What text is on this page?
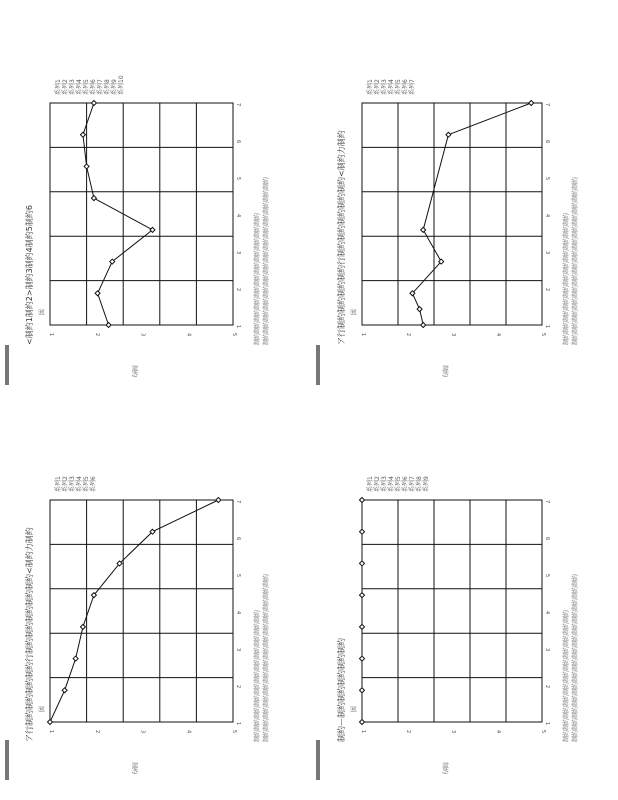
1	2	3	4	5
1
2
3
4
5
6
7
制約
<制約1制約2>制約3制約4制約5制約6 図	制約制約制約制約制約制約制約制約制約制約制約 制約制約制約制約制約制約制約制約制約制約制約制約制約制約
系列1 系列2 系列3 系列4 系列5 系列6 系列7 系列8 系列9 系列10
1	2	3	4	5
1
2
3
4
5
6
7
制約
ア行制約制約制約制約行制約制約制約制約制約<制約力制約 図	制約制約制約制約制約制約制約制約制約制約制約 制約制約制約制約制約制約制約制約制約制約制約制約制約制約
系列1 系列2 系列3 系列4 系列5 系列6 系列7
1	2	3	4	5
1
2
3
4
5
6
7
制約
ア行制約制約制約制約行制約制約制約制約制約<制約力制約 図	制約制約制約制約制約制約制約制約制約制約制約 制約制約制約制約制約制約制約制約制約制約制約制約制約制約
系列1 系列2 系列3 系列4 系列5 系列6
1	2	3	4	5
1
2
3
4
5
6
7
制約
制約ー制約制約制約制約制約 図	制約制約制約制約制約制約制約制約制約制約制約 制約制約制約制約制約制約制約制約制約制約制約制約制約制約
系列1 系列2 系列3 系列4 系列5 系列6 系列7 系列8 系列9
